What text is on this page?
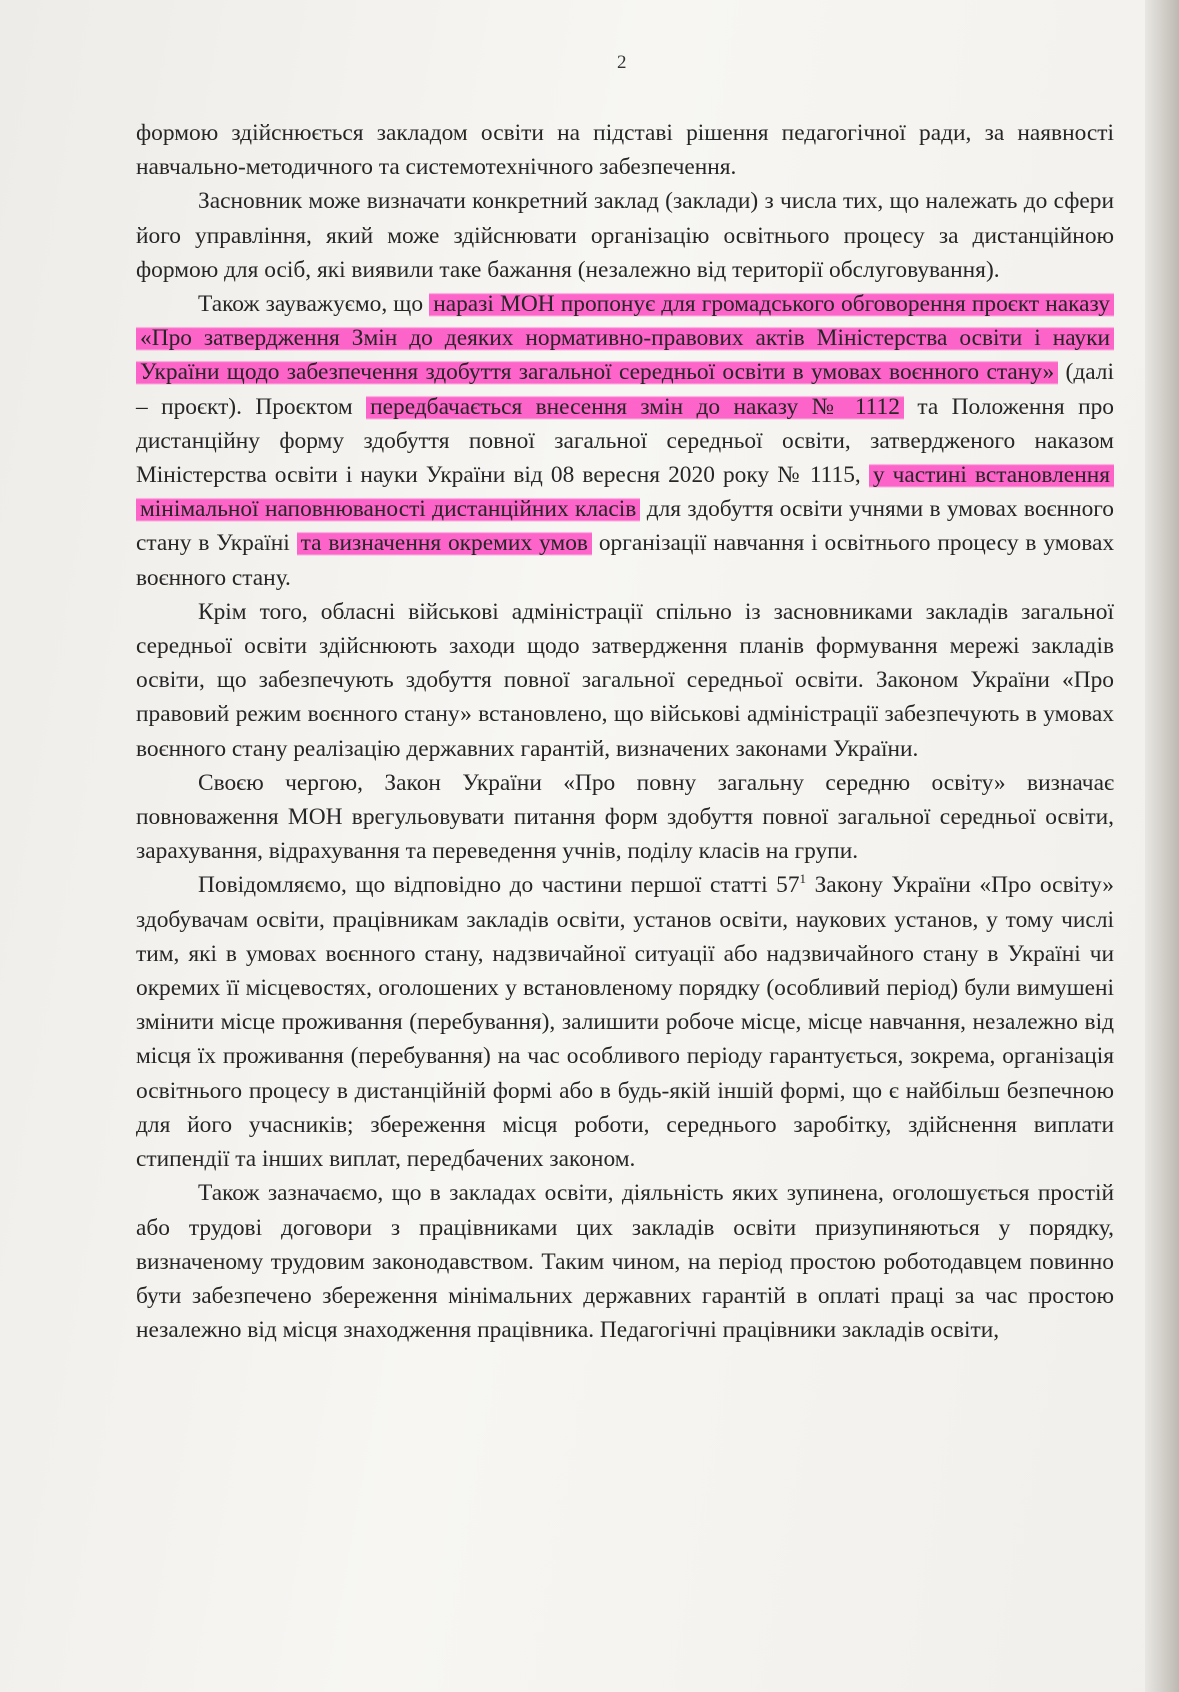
2

формою здійснюється закладом освіти на підставі рішення педагогічної ради, за наявності навчально-методичного та системотехнічного забезпечення.

Засновник може визначати конкретний заклад (заклади) з числа тих, що належать до сфери його управління, який може здійснювати організацію освітнього процесу за дистанційною формою для осіб, які виявили таке бажання (незалежно від території обслуговування).

Також зауважуємо, що наразі МОН пропонує для громадського обговорення проєкт наказу «Про затвердження Змін до деяких нормативно-правових актів Міністерства освіти і науки України щодо забезпечення здобуття загальної середньої освіти в умовах воєнного стану» (далі – проєкт). Проєктом передбачається внесення змін до наказу № 1112 та Положення про дистанційну форму здобуття повної загальної середньої освіти, затвердженого наказом Міністерства освіти і науки України від 08 вересня 2020 року № 1115, у частині встановлення мінімальної наповнюваності дистанційних класів для здобуття освіти учнями в умовах воєнного стану в Україні та визначення окремих умов організації навчання і освітнього процесу в умовах воєнного стану.

Крім того, обласні військові адміністрації спільно із засновниками закладів загальної середньої освіти здійснюють заходи щодо затвердження планів формування мережі закладів освіти, що забезпечують здобуття повної загальної середньої освіти. Законом України «Про правовий режим воєнного стану» встановлено, що військові адміністрації забезпечують в умовах воєнного стану реалізацію державних гарантій, визначених законами України.

Своєю чергою, Закон України «Про повну загальну середню освіту» визначає повноваження МОН врегульовувати питання форм здобуття повної загальної середньої освіти, зарахування, відрахування та переведення учнів, поділу класів на групи.

Повідомляємо, що відповідно до частини першої статті $57^1$ Закону України «Про освіту» здобувачам освіти, працівникам закладів освіти, установ освіти, наукових установ, у тому числі тим, які в умовах воєнного стану, надзвичайної ситуації або надзвичайного стану в Україні чи окремих її місцевостях, оголошених у встановленому порядку (особливий період) були вимушені змінити місце проживання (перебування), залишити робоче місце, місце навчання, незалежно від місця їх проживання (перебування) на час особливого періоду гарантується, зокрема, організація освітнього процесу в дистанційній формі або в будь-якій іншій формі, що є найбільш безпечною для його учасників; збереження місця роботи, середнього заробітку, здійснення виплати стипендії та інших виплат, передбачених законом.

Також зазначаємо, що в закладах освіти, діяльність яких зупинена, оголошується простій або трудові договори з працівниками цих закладів освіти призупиняються у порядку, визначеному трудовим законодавством. Таким чином, на період простою роботодавцем повинно бути забезпечено збереження мінімальних державних гарантій в оплаті праці за час простою незалежно від місця знаходження працівника. Педагогічні працівники закладів освіти,
